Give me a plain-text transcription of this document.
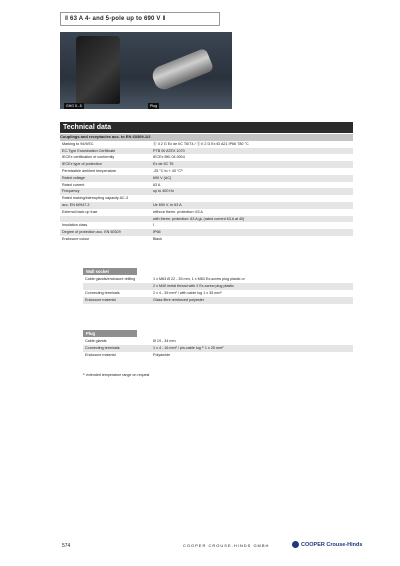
‖ 63 A 4- and 5-pole up to 690 V ‖
GHG 5...5	Plug
Technical data
Couplings and receptacles acc. to EN 60309-1/2	
Marking to 94/9/EC	Ⓔ II 2 G Ex de IIC T6/T4 / Ⓔ II 2 D Ex tD A21 IP66 T80 °C
EC-Type Examination Certificate	PTB 00 ATEX 1070
IECEx certification of conformity	IECEx BKI 04.0004
IECEx type of protection	Ex de IIC T6
Permissible ambient temperature	-25 °C to + 40 °C¹⁾
Rated voltage	690 V (AC)
Rated current	63 A
Frequency	up to 400 Hz
Rated making/interrupting capacity AC-3	
acc. EN 60947-3	Ue 690 V, Ie 63 A
External back up fuse	without therm. protection: 63 A
	with therm. protection: 63 A gL (rated current 63 A at 40)
Insulation class	I
Degree of protection acc. EN 60529	IP66
Enclosure colour	Black
Wall socket
Cable glands/enclosure drilling	1 x M63 Ø 22 - 35 mm, 1 x M63 Ex-screw plug plastic or
	2 x M40 metal thread with 2 Ex-screw plug plastic
Connecting terminals	2 x 4 - 35 mm² / with cable lug 1 x 35 mm²
Enclosure material	Glass fibre reinforced polyester
Plug
Cable glands	Ø 19 - 34 mm
Connecting terminals	1 x 4 - 16 mm² / pin-cable lug ¹⁾ 1 x 25 mm²
Enclosure material	Polyamide
¹⁾ extended temperature range on request
574	COOPER CROUSE-HINDS GMBH	COOPER Crouse-Hinds
